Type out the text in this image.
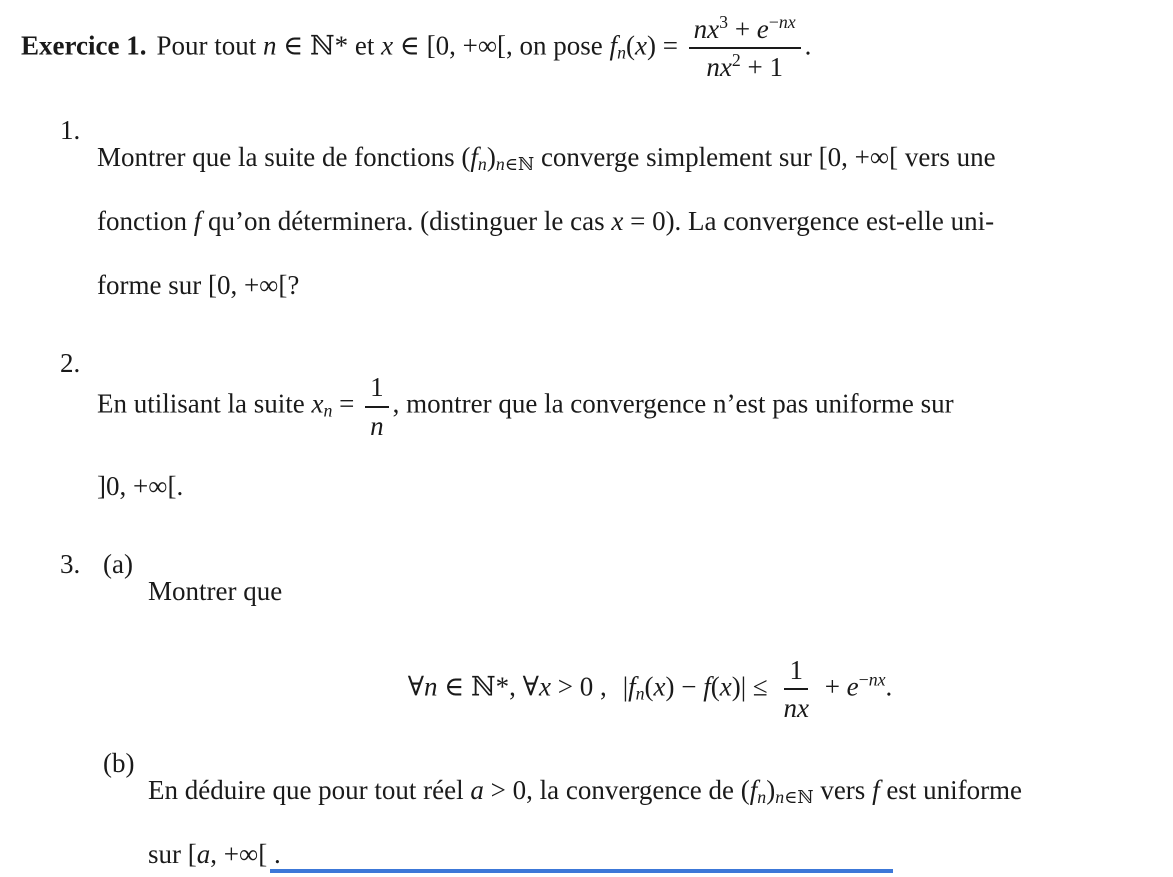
Exercice 1. Pour tout n ∈ ℕ* et x ∈ [0, +∞[, on pose $f_n(x) = \frac{nx^3 + e^{-nx}}{nx^2 + 1}$ .

1.

Montrer que la suite de fonctions $(f_n)_{n\in ℕ}$ converge simplement sur [0, +∞[ vers une

fonction f qu’on déterminera. (distinguer le cas x = 0). La convergence est-elle uni-

forme sur [0, +∞[?

2.

En utilisant la suite $x_n = \frac{1}{n}$ , montrer que la convergence n’est pas uniforme sur

]0, +∞[.

3. (a)

Montrer que

∀n ∈ ℕ*, ∀x > 0 , $|f_n(x) - f(x)| \le \frac{1}{nx} + e^{-nx}$.
(b)

En déduire que pour tout réel a > 0, la convergence de $(f_n)_{n\in ℕ}$ vers f est uniforme

sur [a, +∞[ .
